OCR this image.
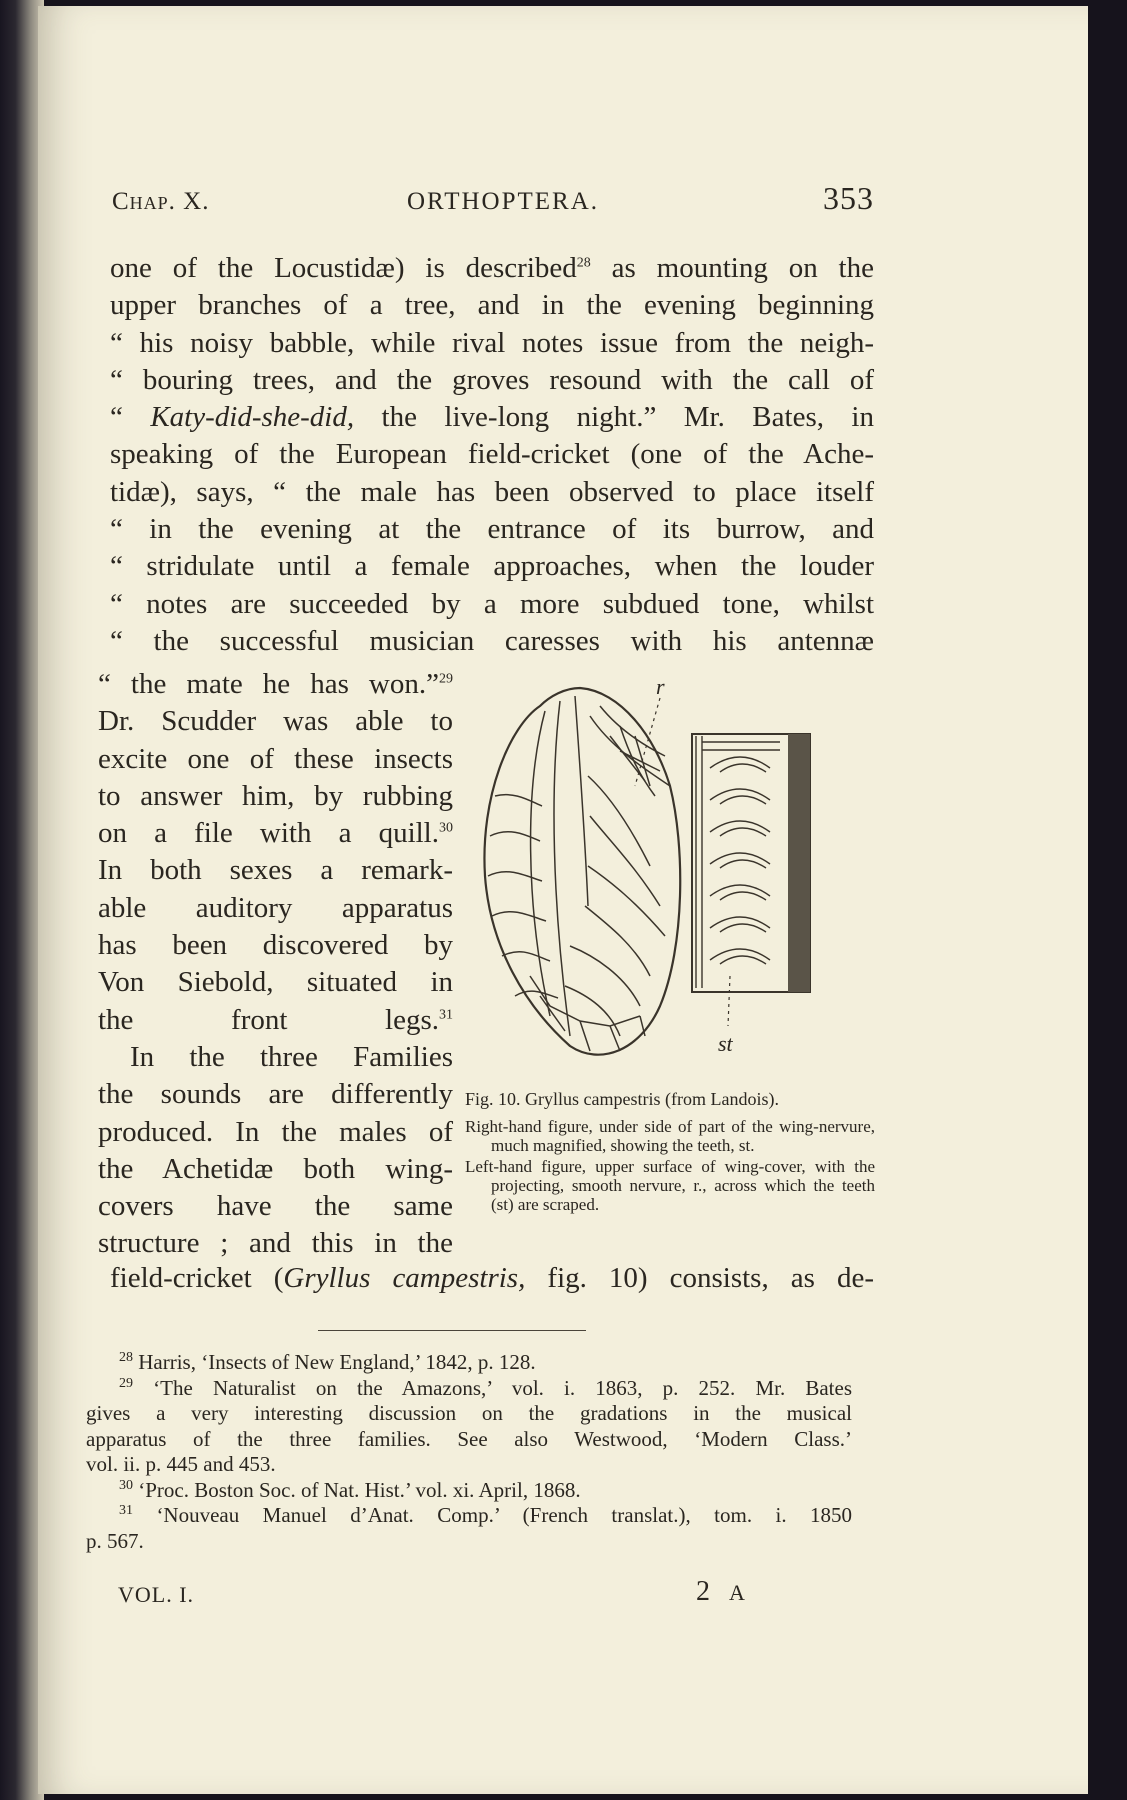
Chap. X.	ORTHOPTERA.	353
one of the Locustidæ) is described$^{28}$ as mounting on the
upper branches of a tree, and in the evening beginning
“ his noisy babble, while rival notes issue from the neigh-
“ bouring trees, and the groves resound with the call of
“ Katy-did-she-did, the live-long night.” Mr. Bates, in
speaking of the European field-cricket (one of the Ache-
tidæ), says, “ the male has been observed to place itself
“ in the evening at the entrance of its burrow, and
“ stridulate until a female approaches, when the louder
“ notes are succeeded by a more subdued tone, whilst
“ the successful musician caresses with his antennæ
“ the mate he has won.”$^{29}$
Dr. Scudder was able to
excite one of these insects
to answer him, by rubbing
on a file with a quill.$^{30}$
In both sexes a remark-
able auditory apparatus
has been discovered by
Von Siebold, situated in
the front legs.$^{31}$
In the three Families
the sounds are differently
produced. In the males of
the Achetidæ both wing-
covers have the same
structure ; and this in the
r
st
Fig. 10. Gryllus campestris (from Landois).
Right-hand figure, under side of part of the wing-nervure, much magnified, showing the teeth, st.
Left-hand figure, upper surface of wing-cover, with the projecting, smooth nervure, r., across which the teeth (st) are scraped.
field-cricket (Gryllus campestris, fig. 10) consists, as de-
$^{28}$ Harris, ‘Insects of New England,’ 1842, p. 128.
$^{29}$ ‘The Naturalist on the Amazons,’ vol. i. 1863, p. 252. Mr. Bates
gives a very interesting discussion on the gradations in the musical
apparatus of the three families. See also Westwood, ‘Modern Class.’
vol. ii. p. 445 and 453.
$^{30}$ ‘Proc. Boston Soc. of Nat. Hist.’ vol. xi. April, 1868.
$^{31}$ ‘Nouveau Manuel d’Anat. Comp.’ (French translat.), tom. i. 1850
p. 567.
VOL. I.	2 A
